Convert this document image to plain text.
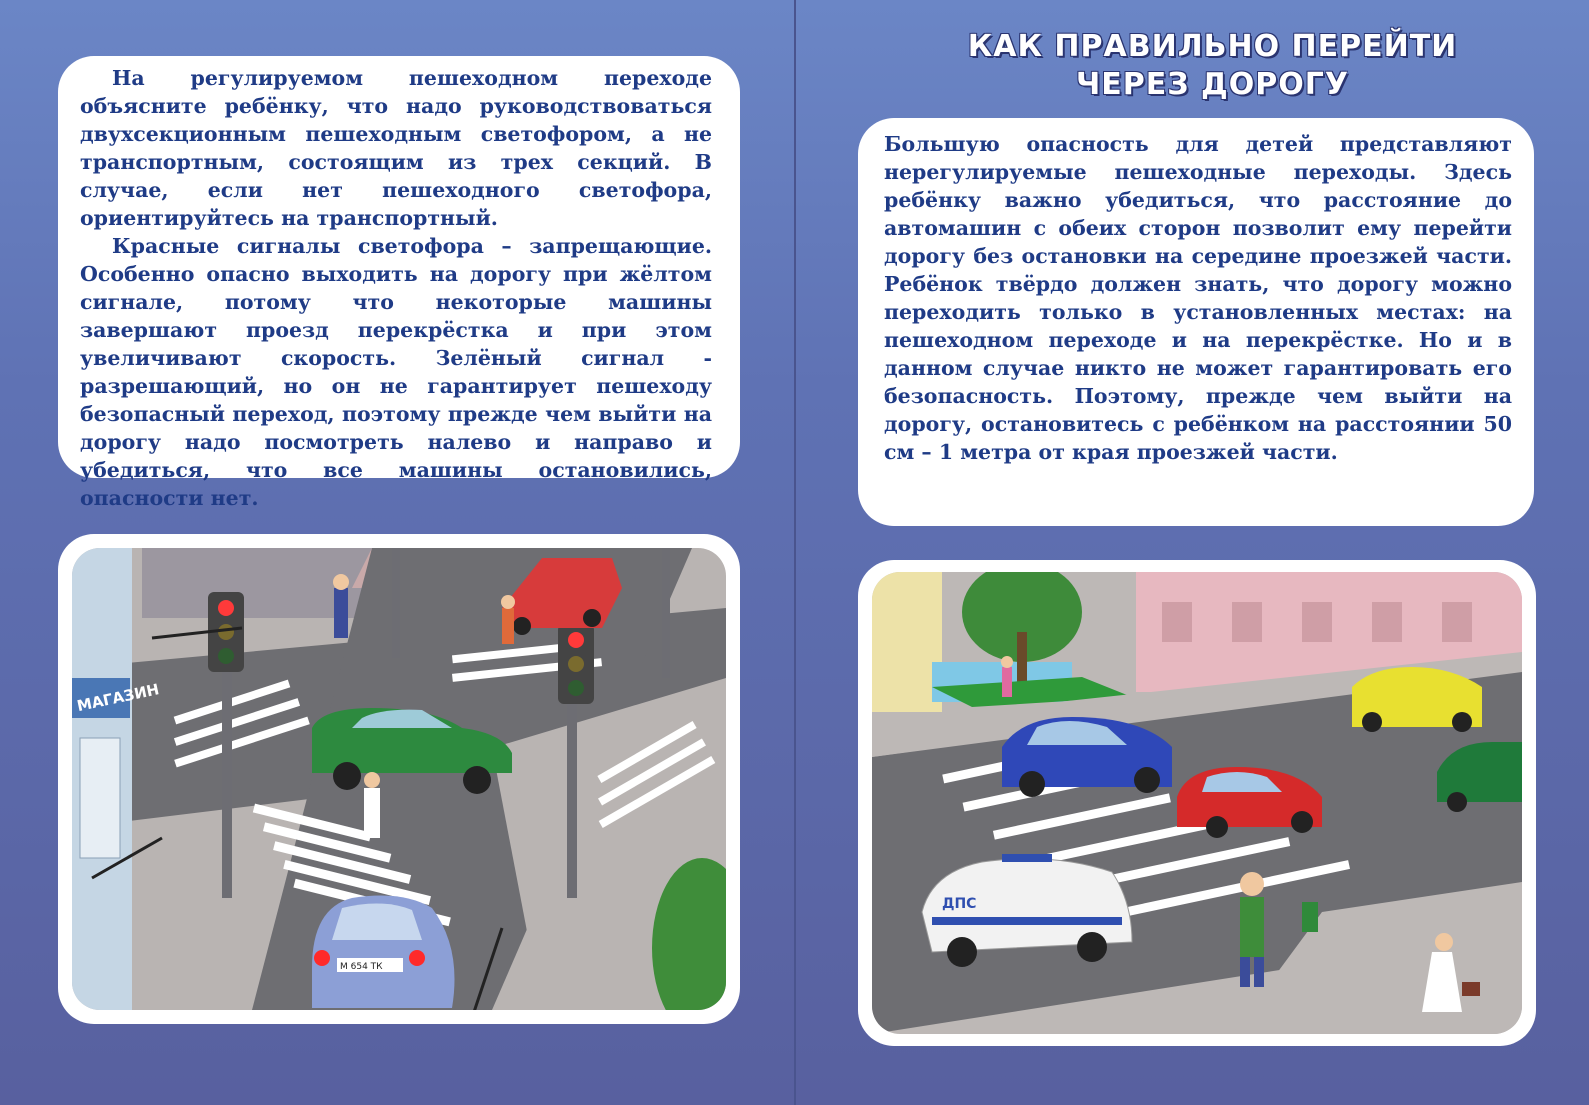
На регулируемом пешеходном переходе объясните ребёнку, что надо руководствоваться двухсекционным пешеходным светофором, а не транспортным, состоящим из трех секций. В случае, если нет пешеходного светофора, ориентируйтесь на транспортный.

Красные сигналы светофора – запрещающие. Особенно опасно выходить на дорогу при жёлтом сигнале, потому что некоторые машины завершают проезд перекрёстка и при этом увеличивают скорость. Зелёный сигнал - разрешающий, но он не гарантирует пешеходу безопасный переход, поэтому прежде чем выйти на дорогу надо посмотреть налево и направо и убедиться, что все машины остановились, опасности нет.

МАГАЗИН
М 654 ТК
КАК ПРАВИЛЬНО ПЕРЕЙТИ
ЧЕРЕЗ ДОРОГУ

Большую опасность для детей представляют нерегулируемые пешеходные переходы. Здесь ребёнку важно убедиться, что расстояние до автомашин с обеих сторон позволит ему перейти дорогу без остановки на середине проезжей части. Ребёнок твёрдо должен знать, что дорогу можно переходить только в установленных местах: на пешеходном переходе и на перекрёстке. Но и в данном случае никто не может гарантировать его безопасность. Поэтому, прежде чем выйти на дорогу, остановитесь с ребёнком на расстоянии 50 см – 1 метра от края проезжей части.

ДПС
